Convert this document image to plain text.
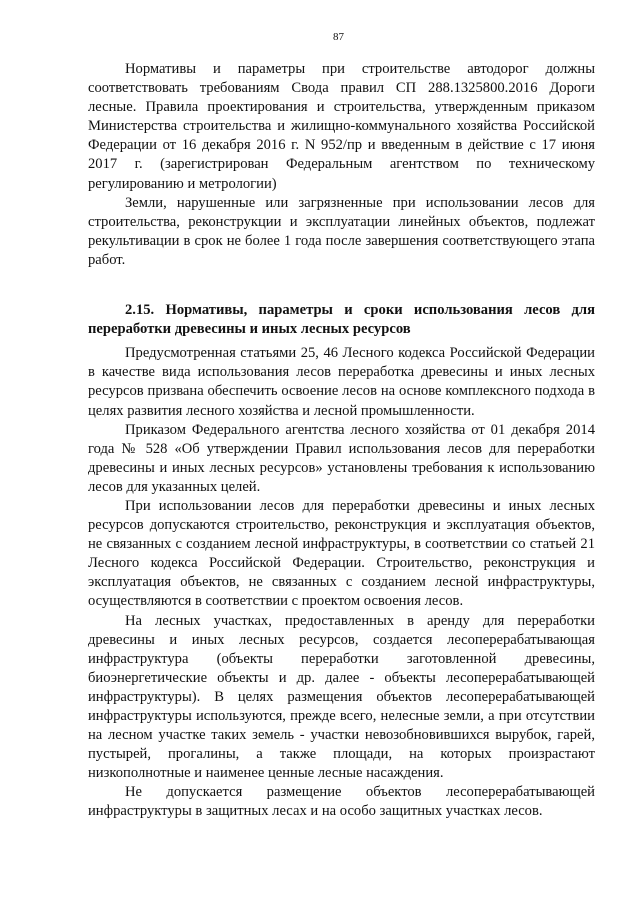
87

Нормативы и параметры при строительстве автодорог должны соответствовать требованиям Свода правил СП 288.1325800.2016 Дороги лесные. Правила проектирования и строительства, утвержденным приказом Министерства строительства и жилищно-коммунального хозяйства Российской Федерации от 16 декабря 2016 г. N 952/пр и введенным в действие с 17 июня 2017 г. (зарегистрирован Федеральным агентством по техническому регулированию и метрологии)

Земли, нарушенные или загрязненные при использовании лесов для строительства, реконструкции и эксплуатации линейных объектов, подлежат рекультивации в срок не более 1 года после завершения соответствующего этапа работ.

2.15. Нормативы, параметры и сроки использования лесов для переработки древесины и иных лесных ресурсов

Предусмотренная статьями 25, 46 Лесного кодекса Российской Федерации в качестве вида использования лесов переработка древесины и иных лесных ресурсов призвана обеспечить освоение лесов на основе комплексного подхода в целях развития лесного хозяйства и лесной промышленности.

Приказом Федерального агентства лесного хозяйства от 01 декабря 2014 года № 528 «Об утверждении Правил использования лесов для переработки древесины и иных лесных ресурсов» установлены требования к использованию лесов для указанных целей.

При использовании лесов для переработки древесины и иных лесных ресурсов допускаются строительство, реконструкция и эксплуатация объектов, не связанных с созданием лесной инфраструктуры, в соответствии со статьей 21 Лесного кодекса Российской Федерации. Строительство, реконструкция и эксплуатация объектов, не связанных с созданием лесной инфраструктуры, осуществляются в соответствии с проектом освоения лесов.

На лесных участках, предоставленных в аренду для переработки древесины и иных лесных ресурсов, создается лесоперерабатывающая инфраструктура (объекты переработки заготовленной древесины, биоэнергетические объекты и др. далее - объекты лесоперерабатывающей инфраструктуры). В целях размещения объектов лесоперерабатывающей инфраструктуры используются, прежде всего, нелесные земли, а при отсутствии на лесном участке таких земель - участки невозобновившихся вырубок, гарей, пустырей, прогалины, а также площади, на которых произрастают низкополнотные и наименее ценные лесные насаждения.

Не допускается размещение объектов лесоперерабатывающей инфраструктуры в защитных лесах и на особо защитных участках лесов.
